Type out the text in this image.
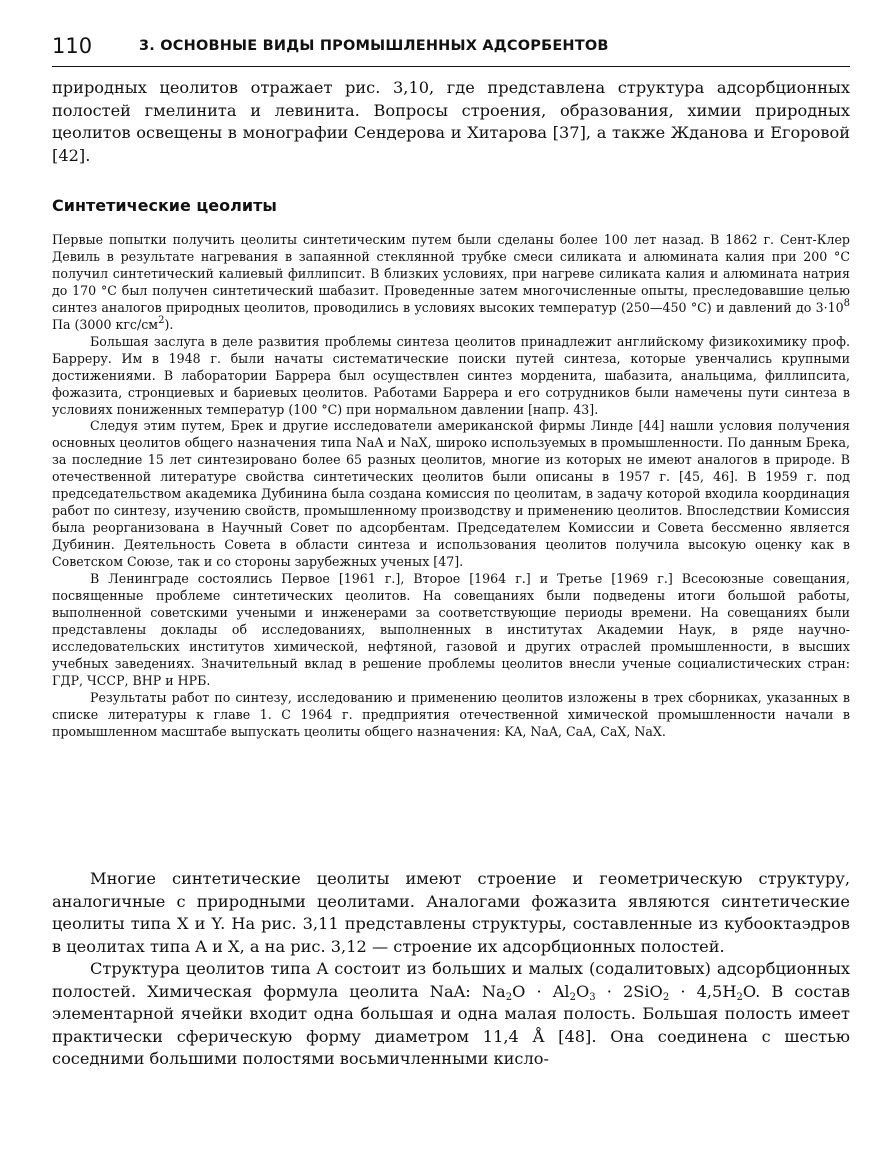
110	3. ОСНОВНЫЕ ВИДЫ ПРОМЫШЛЕННЫХ АДСОРБЕНТОВ

природных цеолитов отражает рис. 3,10, где представлена структура адсорбционных полостей гмелинита и левинита. Вопросы строения, образования, химии природных цеолитов освещены в монографии Сендерова и Хитарова [37], а также Жданова и Егоровой [42].

Синтетические цеолиты

Первые попытки получить цеолиты синтетическим путем были сделаны более 100 лет назад. В 1862 г. Сент-Клер Девиль в результате нагревания в запаянной стеклянной трубке смеси силиката и алюмината калия при 200 °С получил синтетический калиевый филлипсит. В близких условиях, при нагреве силиката калия и алюмината натрия до 170 °С был получен синтетический шабазит. Проведенные затем многочисленные опыты, преследовавшие целью синтез аналогов природных цеолитов, проводились в условиях высоких температур (250—450 °С) и давлений до $3\cdot 10^8$ Па (3000 кгс/$см^2$).

Большая заслуга в деле развития проблемы синтеза цеолитов принадлежит английскому физикохимику проф. Барреру. Им в 1948 г. были начаты систематические поиски путей синтеза, которые увенчались крупными достижениями. В лаборатории Баррера был осуществлен синтез морденита, шабазита, анальцима, филлипсита, фожазита, стронциевых и бариевых цеолитов. Работами Баррера и его сотрудников были намечены пути синтеза в условиях пониженных температур (100 °С) при нормальном давлении [напр. 43].

Следуя этим путем, Брек и другие исследователи американской фирмы Линде [44] нашли условия получения основных цеолитов общего назначения типа NaA и NaX, широко используемых в промышленности. По данным Брека, за последние 15 лет синтезировано более 65 разных цеолитов, многие из которых не имеют аналогов в природе. В отечественной литературе свойства синтетических цеолитов были описаны в 1957 г. [45, 46]. В 1959 г. под председательством академика Дубинина была создана комиссия по цеолитам, в задачу которой входила координация работ по синтезу, изучению свойств, промышленному производству и применению цеолитов. Впоследствии Комиссия была реорганизована в Научный Совет по адсорбентам. Председателем Комиссии и Совета бессменно является Дубинин. Деятельность Совета в области синтеза и использования цеолитов получила высокую оценку как в Советском Союзе, так и со стороны зарубежных ученых [47].

В Ленинграде состоялись Первое [1961 г.], Второе [1964 г.] и Третье [1969 г.] Всесоюзные совещания, посвященные проблеме синтетических цеолитов. На совещаниях были подведены итоги большой работы, выполненной советскими учеными и инженерами за соответствующие периоды времени. На совещаниях были представлены доклады об исследованиях, выполненных в институтах Академии Наук, в ряде научно-исследовательских институтов химической, нефтяной, газовой и других отраслей промышленности, в высших учебных заведениях. Значительный вклад в решение проблемы цеолитов внесли ученые социалистических стран: ГДР, ЧССР, ВНР и НРБ.

Результаты работ по синтезу, исследованию и применению цеолитов изложены в трех сборниках, указанных в списке литературы к главе 1. С 1964 г. предприятия отечественной химической промышленности начали в промышленном масштабе выпускать цеолиты общего назначения: KA, NaA, CaA, CaX, NaX.

Многие синтетические цеолиты имеют строение и геометрическую структуру, аналогичные с природными цеолитами. Аналогами фожазита являются синтетические цеолиты типа X и Y. На рис. 3,11 представлены структуры, составленные из кубооктаэдров в цеолитах типа A и X, а на рис. 3,12 — строение их адсорбционных полостей.

Структура цеолитов типа A состоит из больших и малых (содалитовых) адсорбционных полостей. Химическая формула цеолита NaA: $Na_2O \cdot Al_2O_3 \cdot 2SiO_2 \cdot 4,5H_2O$. В состав элементарной ячейки входит одна большая и одна малая полость. Большая полость имеет практически сферическую форму диаметром 11,4 Å [48]. Она соединена с шестью соседними большими полостями восьмичленными кисло-
